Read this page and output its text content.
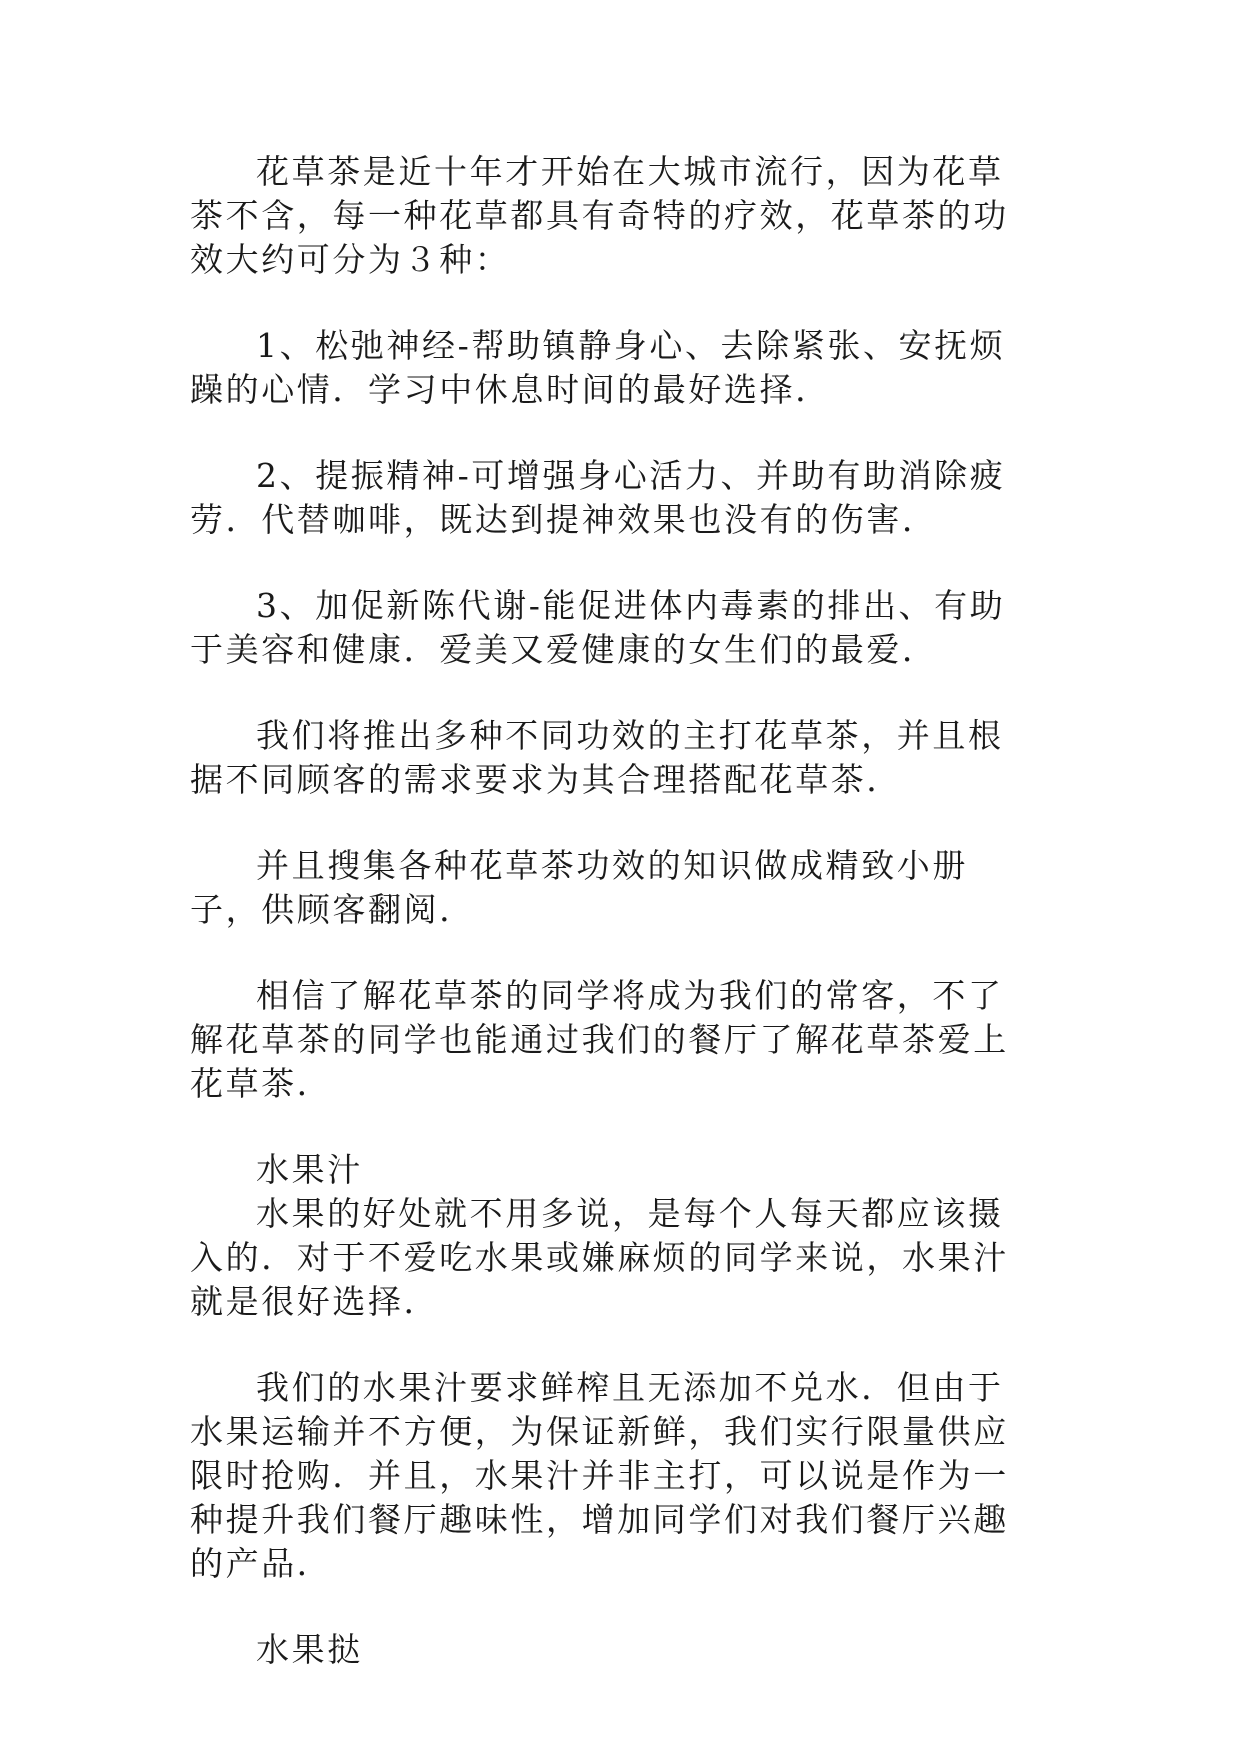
花草茶是近十年才开始在大城市流行，因为花草茶不含，每一种花草都具有奇特的疗效，花草茶的功效大约可分为３种：

1、松弛神经-帮助镇静身心、去除紧张、安抚烦躁的心情．学习中休息时间的最好选择．

2、提振精神-可增强身心活力、并助有助消除疲劳．代替咖啡，既达到提神效果也没有的伤害．

3、加促新陈代谢-能促进体内毒素的排出、有助于美容和健康．爱美又爱健康的女生们的最爱．

我们将推出多种不同功效的主打花草茶，并且根据不同顾客的需求要求为其合理搭配花草茶．

并且搜集各种花草茶功效的知识做成精致小册子，供顾客翻阅．

相信了解花草茶的同学将成为我们的常客，不了解花草茶的同学也能通过我们的餐厅了解花草茶爱上花草茶．

水果汁

水果的好处就不用多说，是每个人每天都应该摄入的．对于不爱吃水果或嫌麻烦的同学来说，水果汁就是很好选择．

我们的水果汁要求鲜榨且无添加不兑水．但由于水果运输并不方便，为保证新鲜，我们实行限量供应限时抢购．并且，水果汁并非主打，可以说是作为一种提升我们餐厅趣味性，增加同学们对我们餐厅兴趣的产品．

水果挞
